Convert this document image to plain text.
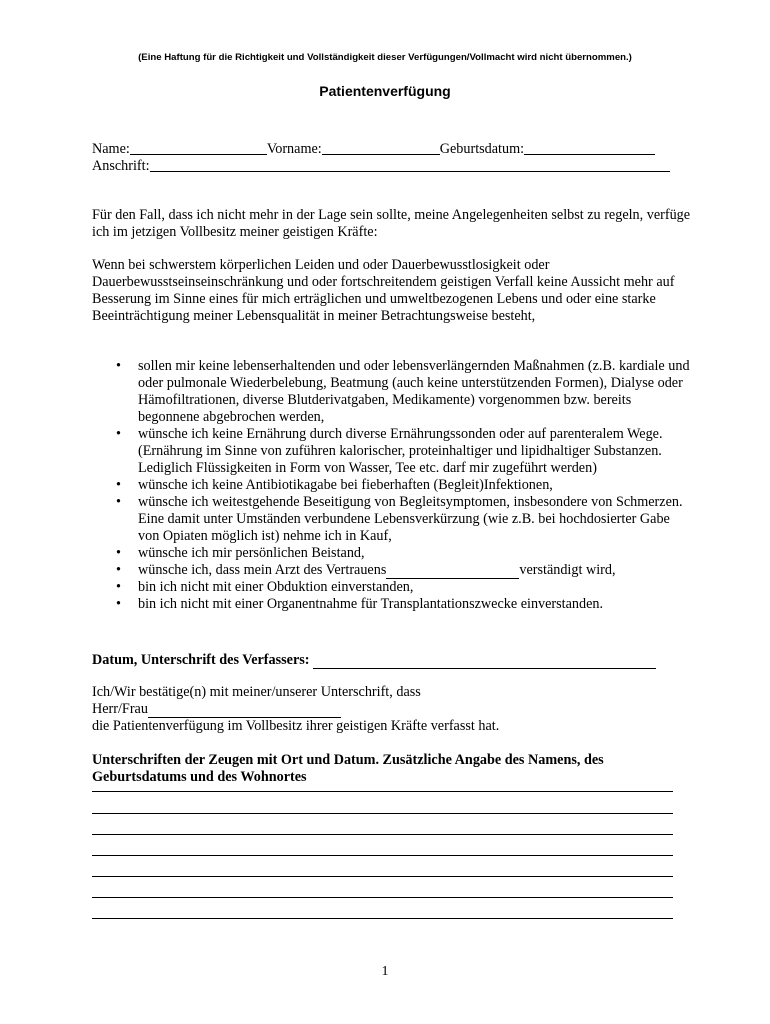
(Eine Haftung für die Richtigkeit und Vollständigkeit dieser Verfügungen/Vollmacht wird nicht übernommen.)
Patientenverfügung
Name:	Vorname:	Geburtsdatum:
Anschrift:
Für den Fall, dass ich nicht mehr in der Lage sein sollte, meine Angelegenheiten selbst zu regeln, verfüge ich im jetzigen Vollbesitz meiner geistigen Kräfte:
Wenn bei schwerstem körperlichen Leiden und oder Dauerbewusstlosigkeit oder Dauerbewusstseinseinschränkung und oder fortschreitendem geistigen Verfall keine Aussicht mehr auf Besserung im Sinne eines für mich erträglichen und umweltbezogenen Lebens und oder eine starke Beeinträchtigung meiner Lebensqualität in meiner Betrachtungsweise besteht,
• sollen mir keine lebenserhaltenden und oder lebensverlängernden Maßnahmen (z.B. kardiale und oder pulmonale Wiederbelebung, Beatmung (auch keine unterstützenden Formen), Dialyse oder Hämofiltrationen, diverse Blutderivatgaben, Medikamente) vorgenommen bzw. bereits begonnene abgebrochen werden,
• wünsche ich keine Ernährung durch diverse Ernährungssonden oder auf parenteralem Wege. (Ernährung im Sinne von zuführen kalorischer, proteinhaltiger und lipidhaltiger Substanzen. Lediglich Flüssigkeiten in Form von Wasser, Tee etc. darf mir zugeführt werden)
• wünsche ich keine Antibiotikagabe bei fieberhaften (Begleit)Infektionen,
• wünsche ich weitestgehende Beseitigung von Begleitsymptomen, insbesondere von Schmerzen. Eine damit unter Umständen verbundene Lebensverkürzung (wie z.B. bei hochdosierter Gabe von Opiaten möglich ist) nehme ich in Kauf,
• wünsche ich mir persönlichen Beistand,
• wünsche ich, dass mein Arzt des Vertrauens	verständigt wird,
• bin ich nicht mit einer Obduktion einverstanden,
• bin ich nicht mit einer Organentnahme für Transplantationszwecke einverstanden.
Datum, Unterschrift des Verfassers:
Ich/Wir bestätige(n) mit meiner/unserer Unterschrift, dass
Herr/Frau
die Patientenverfügung im Vollbesitz ihrer geistigen Kräfte verfasst hat.
Unterschriften der Zeugen mit Ort und Datum. Zusätzliche Angabe des Namens, des Geburtsdatums und des Wohnortes
1
